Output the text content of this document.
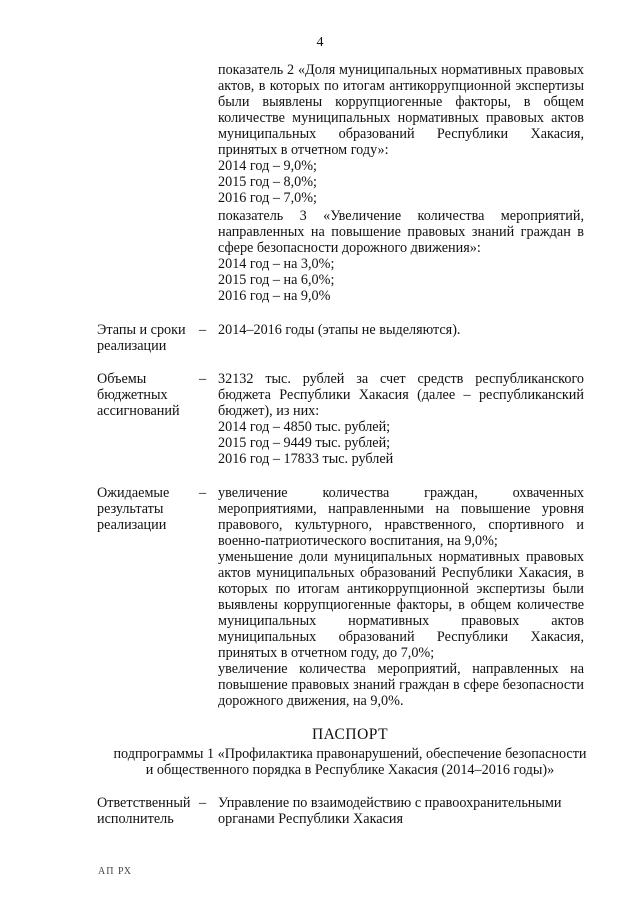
4
показатель 2 «Доля муниципальных нормативных правовых
актов, в которых по итогам антикоррупционной экспертизы
были выявлены коррупциогенные факторы, в общем
количестве муниципальных нормативных правовых актов
муниципальных образований Республики Хакасия,
принятых в отчетном году»:
2014 год – 9,0%;
2015 год – 8,0%;
2016 год – 7,0%;
показатель 3 «Увеличение количества мероприятий,
направленных на повышение правовых знаний граждан в
сфере безопасности дорожного движения»:
2014 год – на 3,0%;
2015 год – на 6,0%;
2016 год – на 9,0%
Этапы и сроки
реализации
– 2014–2016 годы (этапы не выделяются).
Объемы
бюджетных
ассигнований
– 32132 тыс. рублей за счет средств республиканского
бюджета Республики Хакасия (далее – республиканский
бюджет), из них:
2014 год – 4850 тыс. рублей;
2015 год – 9449 тыс. рублей;
2016 год – 17833 тыс. рублей
Ожидаемые
результаты
реализации
– увеличение количества граждан, охваченных
мероприятиями, направленными на повышение уровня
правового, культурного, нравственного, спортивного и
военно-патриотического воспитания, на 9,0%;
уменьшение доли муниципальных нормативных правовых
актов муниципальных образований Республики Хакасия, в
которых по итогам антикоррупционной экспертизы были
выявлены коррупциогенные факторы, в общем количестве
муниципальных нормативных правовых актов
муниципальных образований Республики Хакасия,
принятых в отчетном году, до 7,0%;
увеличение количества мероприятий, направленных на
повышение правовых знаний граждан в сфере безопасности
дорожного движения, на 9,0%.
ПАСПОРТ
подпрограммы 1 «Профилактика правонарушений, обеспечение безопасности
и общественного порядка в Республике Хакасия (2014–2016 годы)»
Ответственный
исполнитель
– Управление по взаимодействию с правоохранительными
органами Республики Хакасия
АП РХ
